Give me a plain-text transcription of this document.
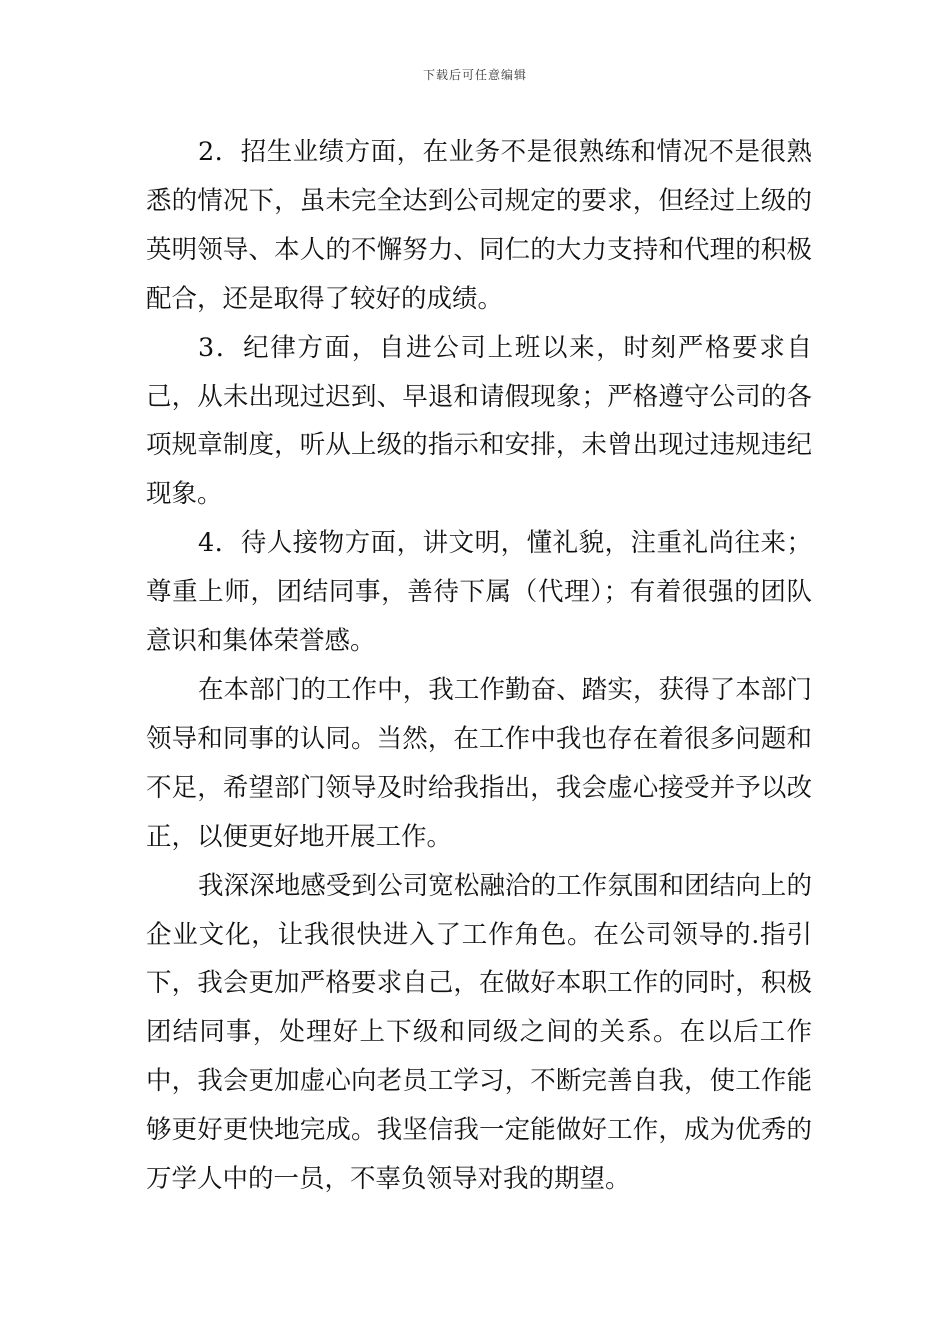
下载后可任意编辑

2．招生业绩方面，在业务不是很熟练和情况不是很熟悉的情况下，虽未完全达到公司规定的要求，但经过上级的英明领导、本人的不懈努力、同仁的大力支持和代理的积极配合，还是取得了较好的成绩。

3．纪律方面，自进公司上班以来，时刻严格要求自己，从未出现过迟到、早退和请假现象；严格遵守公司的各项规章制度，听从上级的指示和安排，未曾出现过违规违纪现象。

4．待人接物方面，讲文明，懂礼貌，注重礼尚往来；尊重上师，团结同事，善待下属（代理）；有着很强的团队意识和集体荣誉感。

在本部门的工作中，我工作勤奋、踏实，获得了本部门领导和同事的认同。当然，在工作中我也存在着很多问题和不足，希望部门领导及时给我指出，我会虚心接受并予以改正，以便更好地开展工作。

我深深地感受到公司宽松融洽的工作氛围和团结向上的企业文化，让我很快进入了工作角色。在公司领导的.指引下，我会更加严格要求自己，在做好本职工作的同时，积极团结同事，处理好上下级和同级之间的关系。在以后工作中，我会更加虚心向老员工学习，不断完善自我，使工作能够更好更快地完成。我坚信我一定能做好工作，成为优秀的万学人中的一员，不辜负领导对我的期望。
